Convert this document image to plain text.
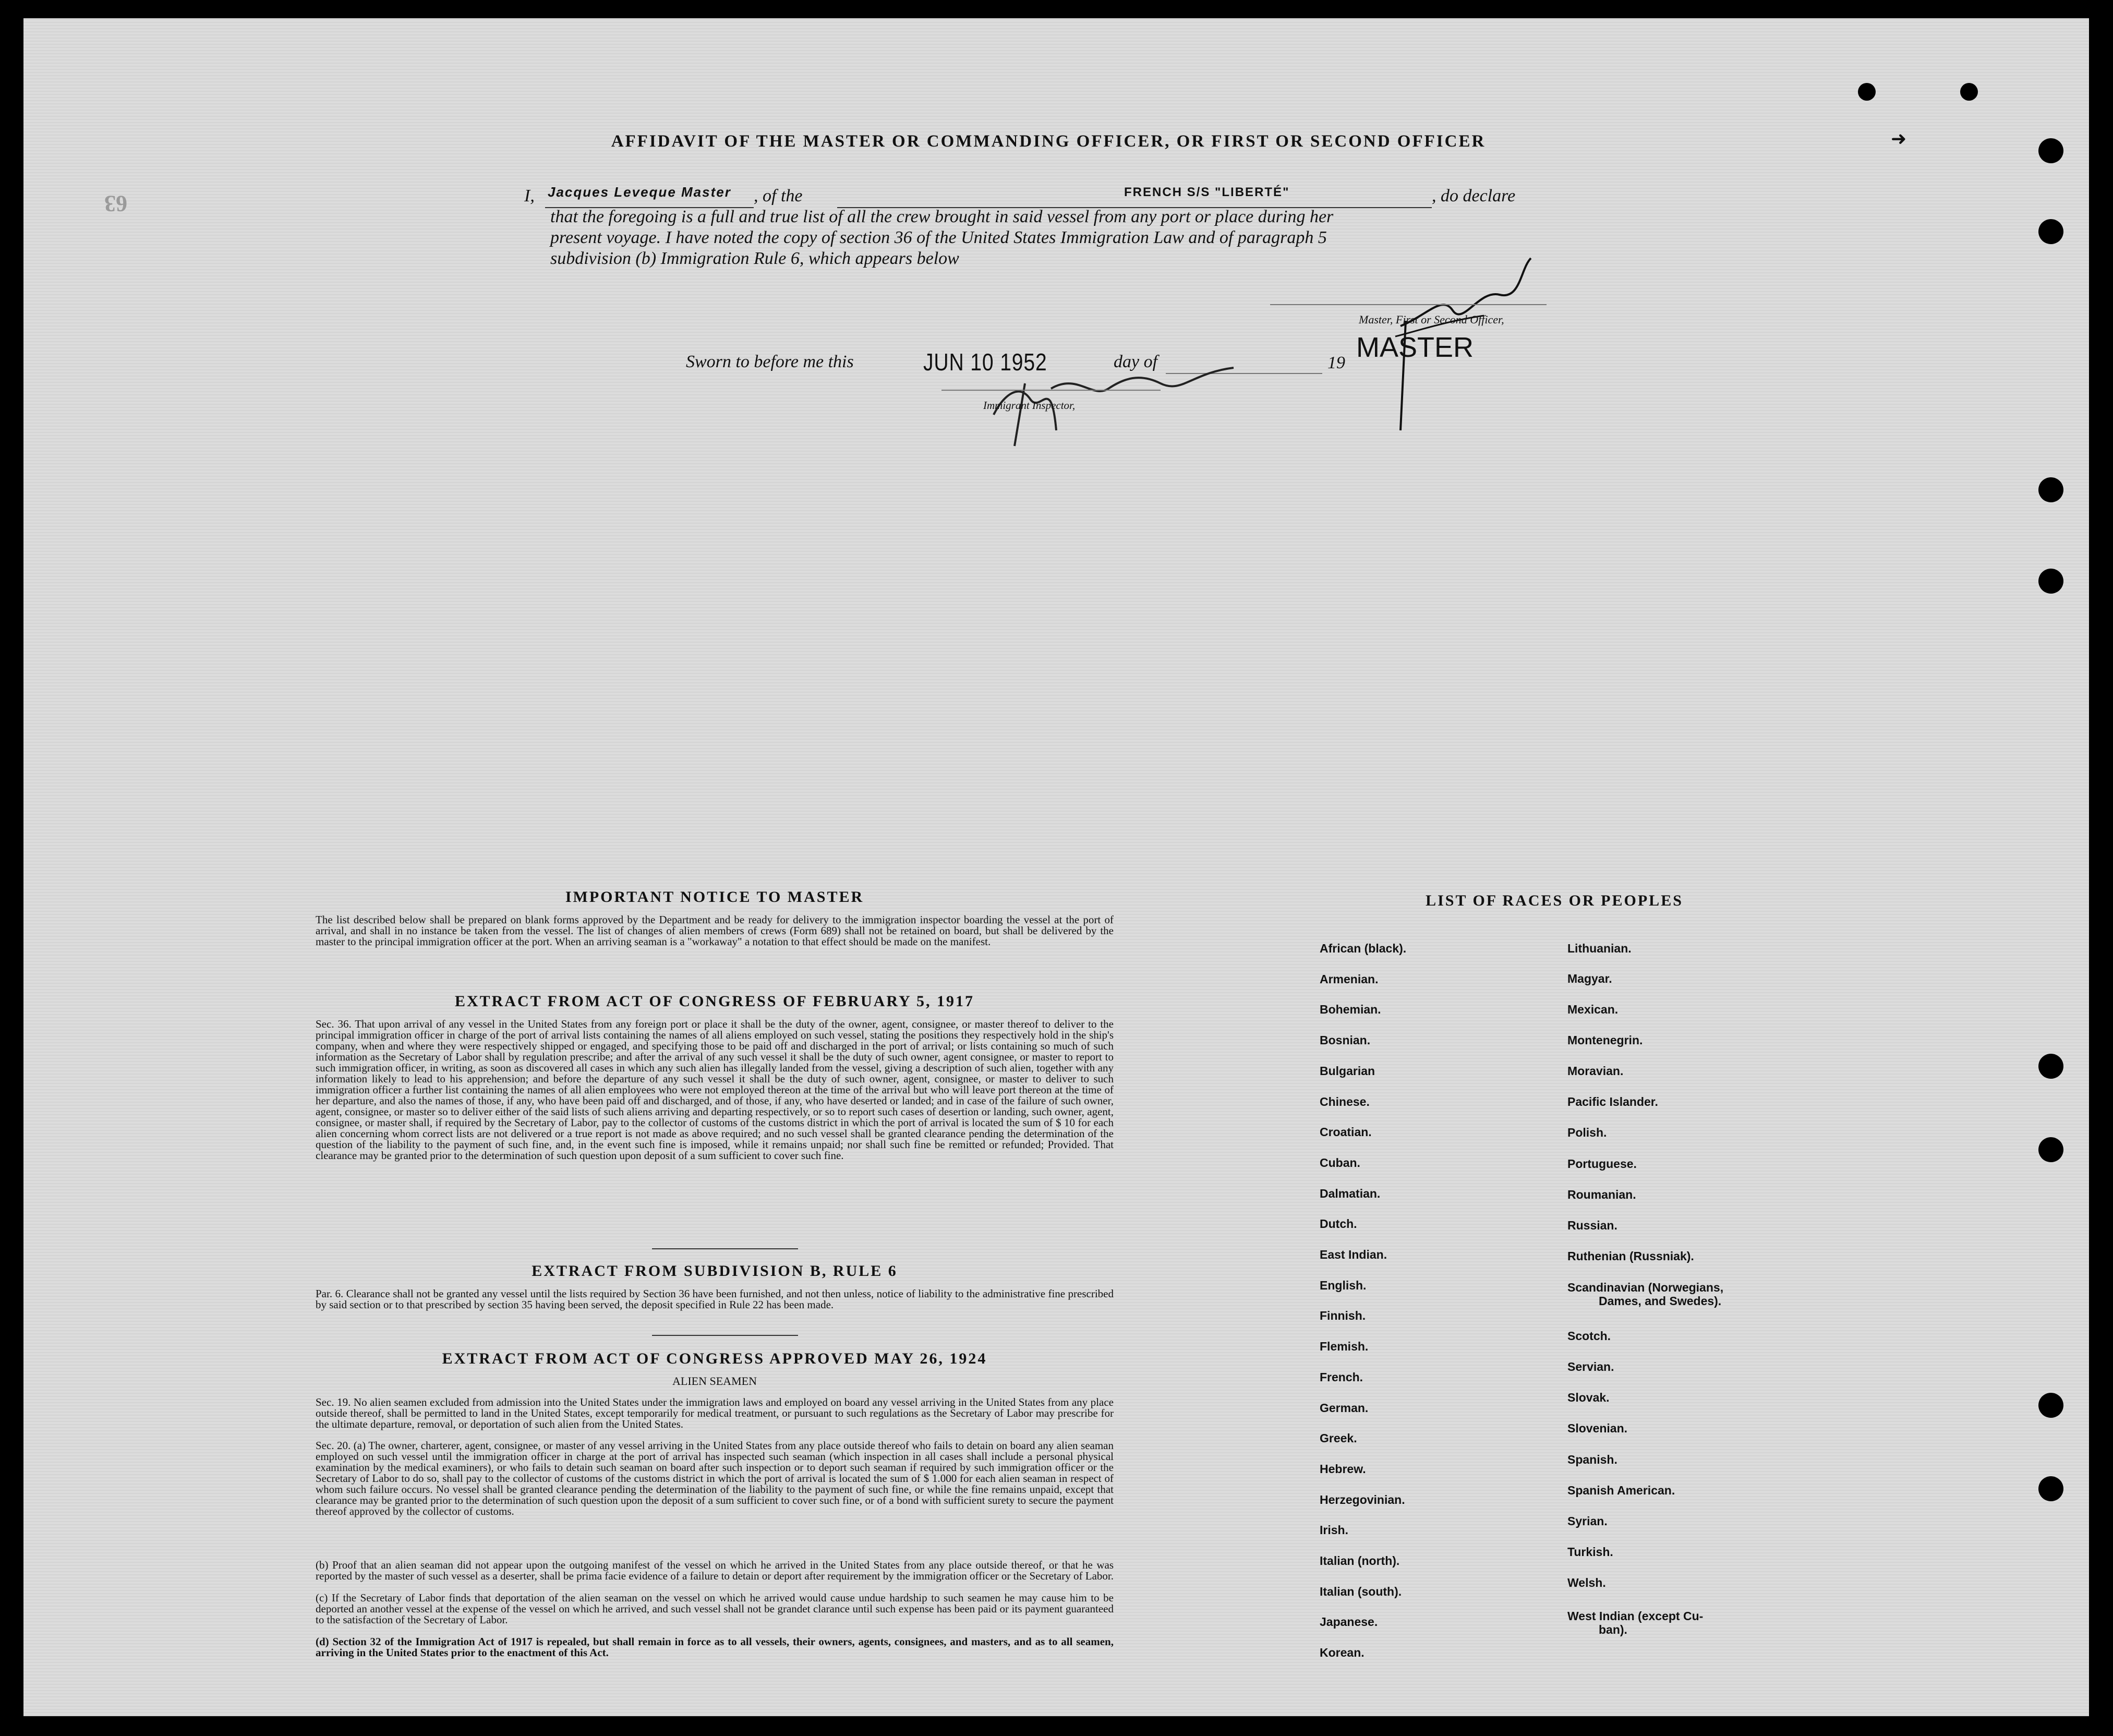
63
➜
AFFIDAVIT OF THE MASTER OR COMMANDING OFFICER, OR FIRST OR SECOND OFFICER
I, Jacques Leveque Master , of the	FRENCH S/S "LIBERTÉ"	, do declare
that the foregoing is a full and true list of all the crew brought in said vessel from any port or place during her
present voyage. I have noted the copy of section 36 of the United States Immigration Law and of paragraph 5
subdivision (b) Immigration Rule 6, which appears below
Master, First or Second Officer,
Sworn to before me this	JUN 10 1952	day of	19 MASTER
Immigrant Inspector,
IMPORTANT NOTICE TO MASTER
The list described below shall be prepared on blank forms approved by the Department and be ready for delivery to the immigration inspector boarding the vessel at the port of arrival, and shall in no instance be taken from the vessel. The list of changes of alien members of crews (Form 689) shall not be retained on board, but shall be delivered by the master to the principal immigration officer at the port. When an arriving seaman is a "workaway" a notation to that effect should be made on the manifest.
EXTRACT FROM ACT OF CONGRESS OF FEBRUARY 5, 1917
Sec. 36. That upon arrival of any vessel in the United States from any foreign port or place it shall be the duty of the owner, agent, consignee, or master thereof to deliver to the principal immigration officer in charge of the port of arrival lists containing the names of all aliens employed on such vessel, stating the positions they respectively hold in the ship's company, when and where they were respectively shipped or engaged, and specifying those to be paid off and discharged in the port of arrival; or lists containing so much of such information as the Secretary of Labor shall by regulation prescribe; and after the arrival of any such vessel it shall be the duty of such owner, agent consignee, or master to report to such immigration officer, in writing, as soon as discovered all cases in which any such alien has illegally landed from the vessel, giving a description of such alien, together with any information likely to lead to his apprehension; and before the departure of any such vessel it shall be the duty of such owner, agent, consignee, or master to deliver to such immigration officer a further list containing the names of all alien employees who were not employed thereon at the time of the arrival but who will leave port thereon at the time of her departure, and also the names of those, if any, who have been paid off and discharged, and of those, if any, who have deserted or landed; and in case of the failure of such owner, agent, consignee, or master so to deliver either of the said lists of such aliens arriving and departing respectively, or so to report such cases of desertion or landing, such owner, agent, consignee, or master shall, if required by the Secretary of Labor, pay to the collector of customs of the customs district in which the port of arrival is located the sum of $ 10 for each alien concerning whom correct lists are not delivered or a true report is not made as above required; and no such vessel shall be granted clearance pending the determination of the question of the liability to the payment of such fine, and, in the event such fine is imposed, while it remains unpaid; nor shall such fine be remitted or refunded; Provided. That clearance may be granted prior to the determination of such question upon deposit of a sum sufficient to cover such fine.
EXTRACT FROM SUBDIVISION B, RULE 6
Par. 6. Clearance shall not be granted any vessel until the lists required by Section 36 have been furnished, and not then unless, notice of liability to the administrative fine prescribed by said section or to that prescribed by section 35 having been served, the deposit specified in Rule 22 has been made.
EXTRACT FROM ACT OF CONGRESS APPROVED MAY 26, 1924
ALIEN SEAMEN
Sec. 19. No alien seamen excluded from admission into the United States under the immigration laws and employed on board any vessel arriving in the United States from any place outside thereof, shall be permitted to land in the United States, except temporarily for medical treatment, or pursuant to such regulations as the Secretary of Labor may prescribe for the ultimate departure, removal, or deportation of such alien from the United States.
Sec. 20. (a) The owner, charterer, agent, consignee, or master of any vessel arriving in the United States from any place outside thereof who fails to detain on board any alien seaman employed on such vessel until the immigration officer in charge at the port of arrival has inspected such seaman (which inspection in all cases shall include a personal physical examination by the medical examiners), or who fails to detain such seaman on board after such inspection or to deport such seaman if required by such immigration officer or the Secretary of Labor to do so, shall pay to the collector of customs of the customs district in which the port of arrival is located the sum of $ 1.000 for each alien seaman in respect of whom such failure occurs. No vessel shall be granted clearance pending the determination of the liability to the payment of such fine, or while the fine remains unpaid, except that clearance may be granted prior to the determination of such question upon the deposit of a sum sufficient to cover such fine, or of a bond with sufficient surety to secure the payment thereof approved by the collector of customs.
(b) Proof that an alien seaman did not appear upon the outgoing manifest of the vessel on which he arrived in the United States from any place outside thereof, or that he was reported by the master of such vessel as a deserter, shall be prima facie evidence of a failure to detain or deport after requirement by the immigration officer or the Secretary of Labor.
(c) If the Secretary of Labor finds that deportation of the alien seaman on the vessel on which he arrived would cause undue hardship to such seamen he may cause him to be deported an another vessel at the expense of the vessel on which he arrived, and such vessel shall not be grandet clarance until such expense has been paid or its payment guaranteed to the satisfaction of the Secretary of Labor.
(d) Section 32 of the Immigration Act of 1917 is repealed, but shall remain in force as to all vessels, their owners, agents, consignees, and masters, and as to all seamen, arriving in the United States prior to the enactment of this Act.
LIST OF RACES OR PEOPLES
African (black).
Armenian.
Bohemian.
Bosnian.
Bulgarian
Chinese.
Croatian.
Cuban.
Dalmatian.
Dutch.
East Indian.
English.
Finnish.
Flemish.
French.
German.
Greek.
Hebrew.
Herzegovinian.
Irish.
Italian (north).
Italian (south).
Japanese.
Korean.
Lithuanian.
Magyar.
Mexican.
Montenegrin.
Moravian.
Pacific Islander.
Polish.
Portuguese.
Roumanian.
Russian.
Ruthenian (Russniak).
Scandinavian (Norwegians,
Dames, and Swedes).
Scotch.
Servian.
Slovak.
Slovenian.
Spanish.
Spanish American.
Syrian.
Turkish.
Welsh.
West Indian (except Cu-
ban).
